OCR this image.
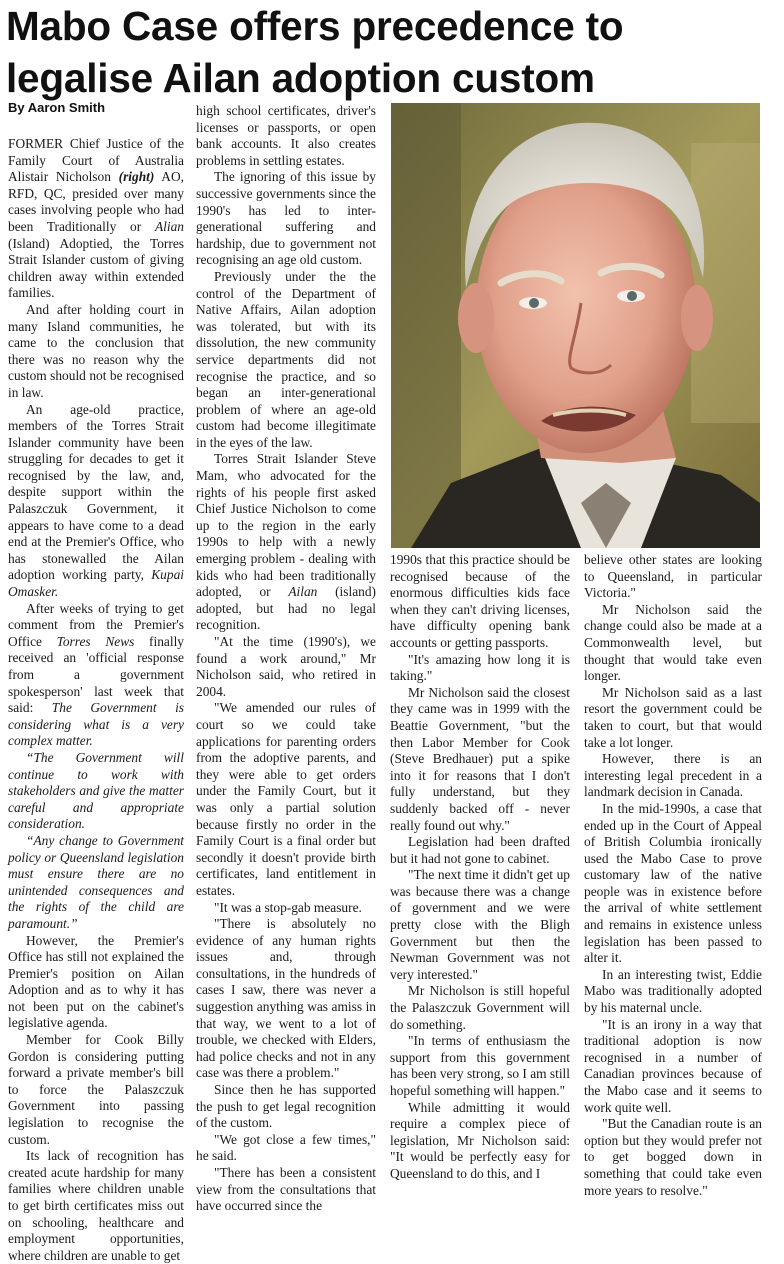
Mabo Case offers precedence to
legalise Ailan adoption custom
By Aaron Smith

FORMER Chief Justice of the Family Court of Australia Alistair Nicholson (right) AO, RFD, QC, presided over many cases involving people who had been Traditionally or Alian (Island) Adoptied, the Torres Strait Islander custom of giving children away within extended families.

And after holding court in many Island communities, he came to the conclusion that there was no reason why the custom should not be recognised in law.

An age-old practice, members of the Torres Strait Islander community have been struggling for decades to get it recognised by the law, and, despite support within the Palaszczuk Government, it appears to have come to a dead end at the Premier's Office, who has stonewalled the Ailan adoption working party, Kupai Omasker.

After weeks of trying to get comment from the Premier's Office Torres News finally received an 'official response from a government spokesperson' last week that said: The Government is considering what is a very complex matter.

“The Government will continue to work with stakeholders and give the matter careful and appropriate consideration.

“Any change to Government policy or Queensland legislation must ensure there are no unintended consequences and the rights of the child are paramount.”

However, the Premier's Office has still not explained the Premier's position on Ailan Adoption and as to why it has not been put on the cabinet's legislative agenda.

Member for Cook Billy Gordon is considering putting forward a private member's bill to force the Palaszczuk Government into passing legislation to recognise the custom.

Its lack of recognition has created acute hardship for many families where children unable to get birth certificates miss out on schooling, healthcare and employment opportunities, where children are unable to get

high school certificates, driver's licenses or passports, or open bank accounts. It also creates problems in settling estates.

The ignoring of this issue by successive governments since the 1990's has led to inter-generational suffering and hardship, due to government not recognising an age old custom.

Previously under the the control of the Department of Native Affairs, Ailan adoption was tolerated, but with its dissolution, the new community service departments did not recognise the practice, and so began an inter-generational problem of where an age-old custom had become illegitimate in the eyes of the law.

Torres Strait Islander Steve Mam, who advocated for the rights of his people first asked Chief Justice Nicholson to come up to the region in the early 1990s to help with a newly emerging problem - dealing with kids who had been traditionally adopted, or Ailan (island) adopted, but had no legal recognition.

"At the time (1990's), we found a work around," Mr Nicholson said, who retired in 2004.

"We amended our rules of court so we could take applications for parenting orders from the adoptive parents, and they were able to get orders under the Family Court, but it was only a partial solution because firstly no order in the Family Court is a final order but secondly it doesn't provide birth certificates, land entitlement in estates.

"It was a stop-gab measure.

"There is absolutely no evidence of any human rights issues and, through consultations, in the hundreds of cases I saw, there was never a suggestion anything was amiss in that way, we went to a lot of trouble, we checked with Elders, had police checks and not in any case was there a problem."

Since then he has supported the push to get legal recognition of the custom.

"We got close a few times," he said.

"There has been a consistent view from the consultations that have occurred since the

1990s that this practice should be recognised because of the enormous difficulties kids face when they can't driving licenses, have difficulty opening bank accounts or getting passports.

"It's amazing how long it is taking."

Mr Nicholson said the closest they came was in 1999 with the Beattie Government, "but the then Labor Member for Cook (Steve Bredhauer) put a spike into it for reasons that I don't fully understand, but they suddenly backed off - never really found out why."

Legislation had been drafted but it had not gone to cabinet.

"The next time it didn't get up was because there was a change of government and we were pretty close with the Bligh Government but then the Newman Government was not very interested."

Mr Nicholson is still hopeful the Palaszczuk Government will do something.

"In terms of enthusiasm the support from this government has been very strong, so I am still hopeful something will happen."

While admitting it would require a complex piece of legislation, Mr Nicholson said: "It would be perfectly easy for Queensland to do this, and I

believe other states are looking to Queensland, in particular Victoria."

Mr Nicholson said the change could also be made at a Commonwealth level, but thought that would take even longer.

Mr Nicholson said as a last resort the government could be taken to court, but that would take a lot longer.

However, there is an interesting legal precedent in a landmark decision in Canada.

In the mid-1990s, a case that ended up in the Court of Appeal of British Columbia ironically used the Mabo Case to prove customary law of the native people was in existence before the arrival of white settlement and remains in existence unless legislation has been passed to alter it.

In an interesting twist, Eddie Mabo was traditionally adopted by his maternal uncle.

"It is an irony in a way that traditional adoption is now recognised in a number of Canadian provinces because of the Mabo case and it seems to work quite well.

"But the Canadian route is an option but they would prefer not to get bogged down in something that could take even more years to resolve."
